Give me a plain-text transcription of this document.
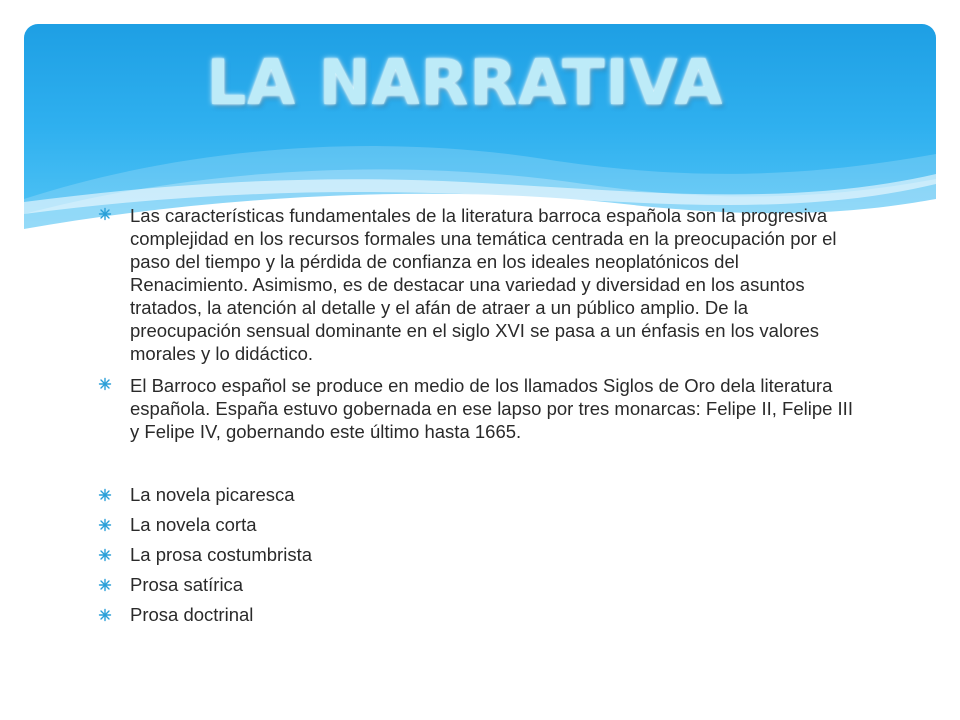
LA NARRATIVA
Las características fundamentales de la literatura barroca española son la progresiva complejidad en los recursos formales una temática centrada en la preocupación por el paso del tiempo y la pérdida de confianza en los ideales neoplatónicos del Renacimiento. Asimismo, es de destacar una variedad y diversidad en los asuntos tratados, la atención al detalle y el afán de atraer a un público amplio. De la preocupación sensual dominante en el siglo XVI se pasa a un énfasis en los valores morales y lo didáctico.
El Barroco español se produce en medio de los llamados Siglos de Oro dela literatura española. España estuvo gobernada en ese lapso por tres monarcas: Felipe II, Felipe III y Felipe IV, gobernando este último hasta 1665.
La novela picaresca
La novela corta
La prosa costumbrista
Prosa satírica
Prosa doctrinal
